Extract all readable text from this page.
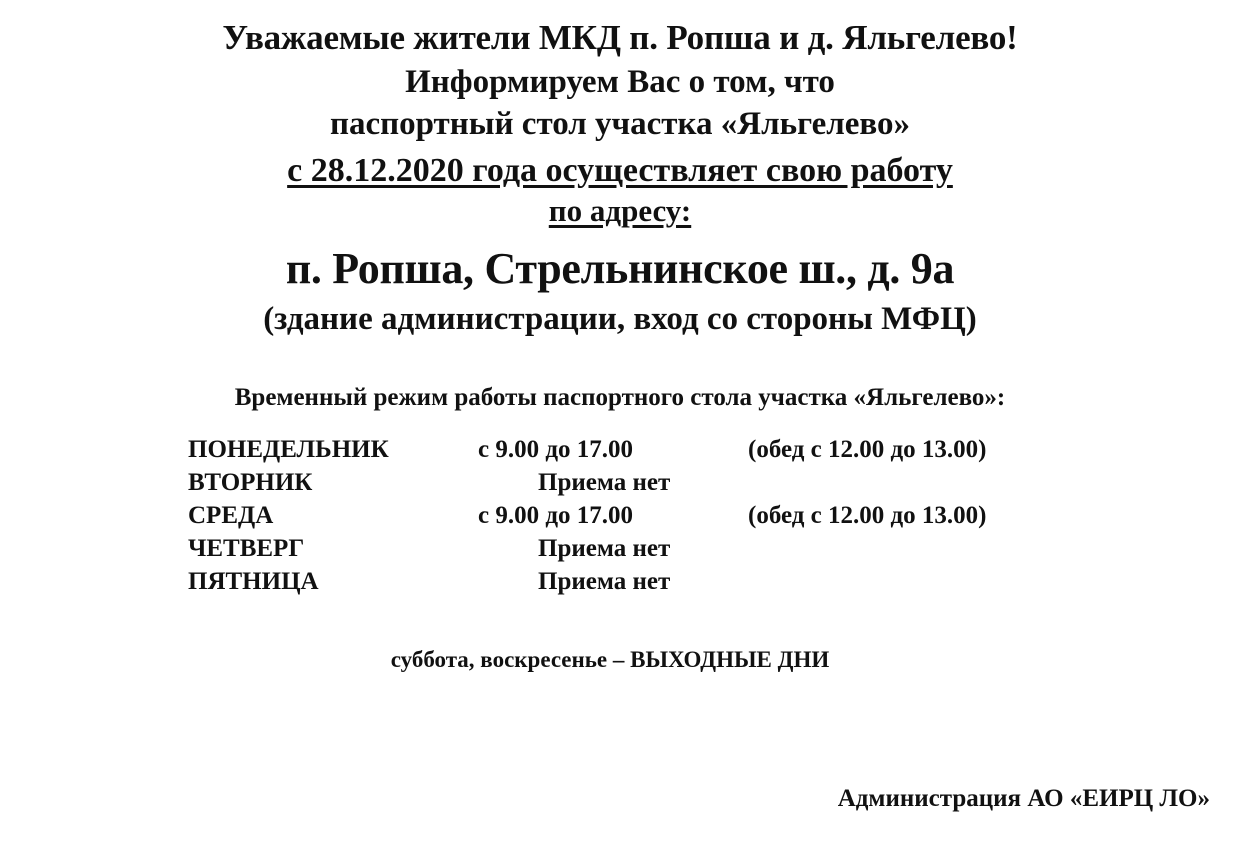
Уважаемые жители МКД п. Ропша и д. Яльгелево!
Информируем Вас о том, что
паспортный стол участка «Яльгелево»
с 28.12.2020 года осуществляет свою работу
по адресу:
п. Ропша, Стрельнинское ш., д. 9а
(здание администрации, вход со стороны МФЦ)
Временный режим работы паспортного стола участка «Яльгелево»:
ПОНЕДЕЛЬНИК	с 9.00 до 17.00	(обед с 12.00 до 13.00)
ВТОРНИК	Приема нет
СРЕДА	с 9.00 до 17.00	(обед с 12.00 до 13.00)
ЧЕТВЕРГ	Приема нет
ПЯТНИЦА	Приема нет
суббота, воскресенье – ВЫХОДНЫЕ ДНИ
Администрация АО «ЕИРЦ ЛО»
